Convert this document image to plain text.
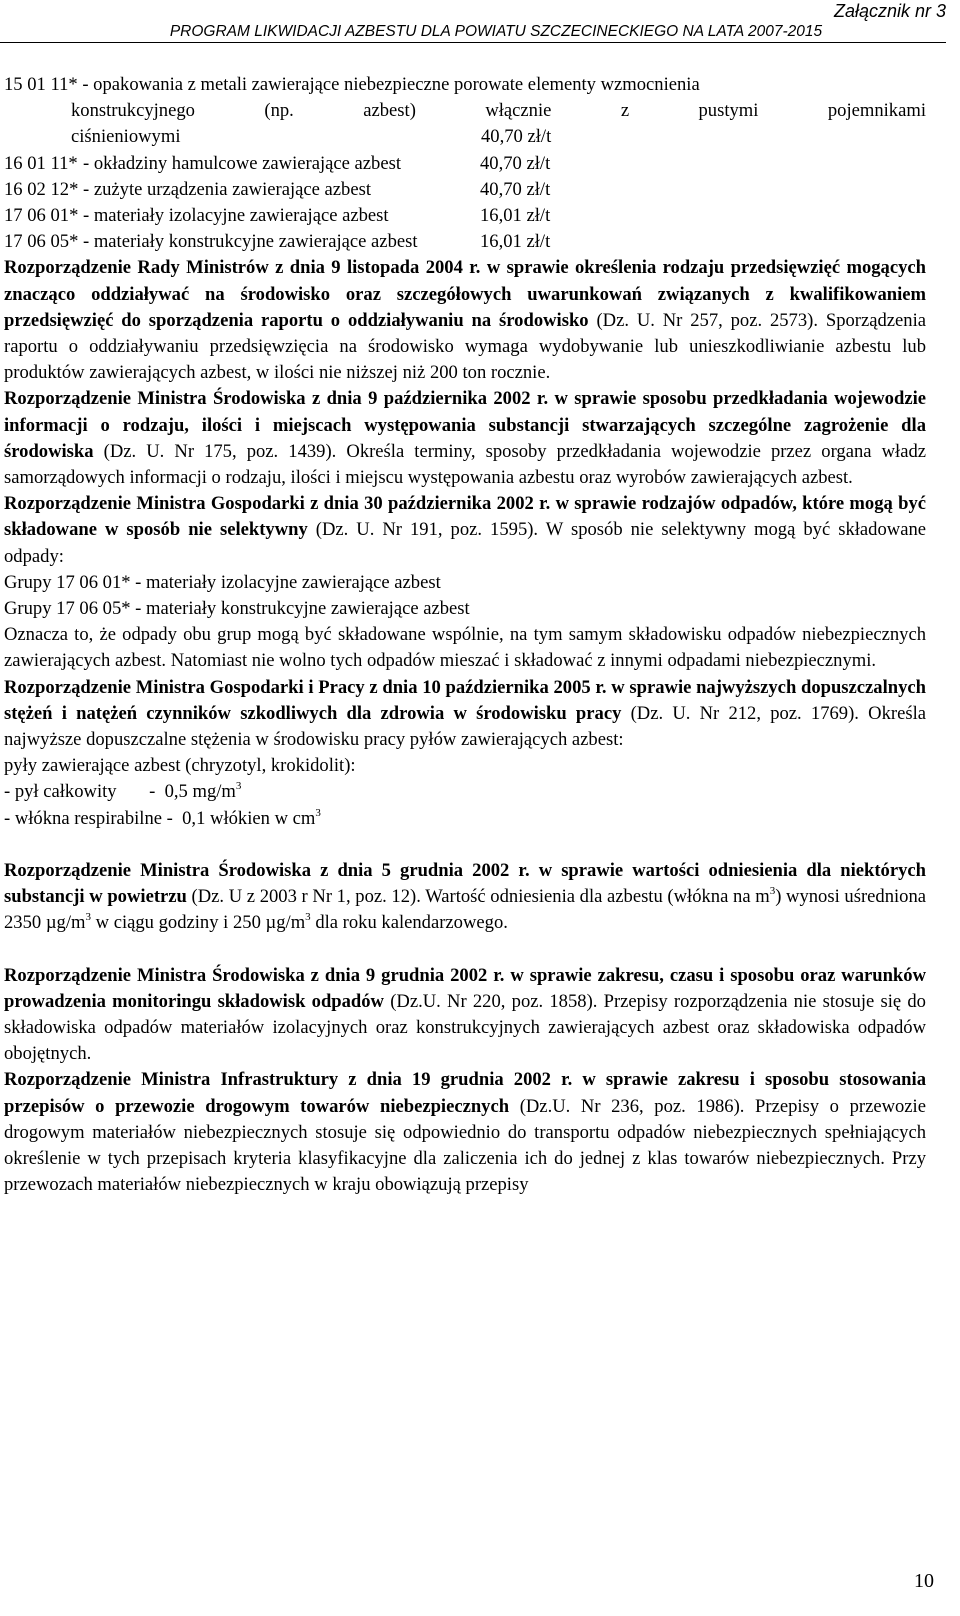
Załącznik nr 3
PROGRAM LIKWIDACJI AZBESTU DLA POWIATU SZCZECINECKIEGO NA LATA 2007-2015
15 01 11* - opakowania z metali zawierające niebezpieczne porowate elementy wzmocnienia
konstrukcyjnego (np. azbest) włącznie z pustymi pojemnikami
ciśnieniowymi	40,70 zł/t
16 01 11* - okładziny hamulcowe zawierające azbest	40,70 zł/t
16 02 12* - zużyte urządzenia zawierające azbest	40,70 zł/t
17 06 01* - materiały izolacyjne zawierające azbest	16,01 zł/t
17 06 05* - materiały konstrukcyjne zawierające azbest	16,01 zł/t

Rozporządzenie Rady Ministrów z dnia 9 listopada 2004 r. w sprawie określenia rodzaju przedsięwzięć mogących znacząco oddziaływać na środowisko oraz szczegółowych uwarunkowań związanych z kwalifikowaniem przedsięwzięć do sporządzenia raportu o oddziaływaniu na środowisko (Dz. U. Nr 257, poz. 2573). Sporządzenia raportu o oddziaływaniu przedsięwzięcia na środowisko wymaga wydobywanie lub unieszkodliwianie azbestu lub produktów zawierających azbest, w ilości nie niższej niż 200 ton rocznie.

Rozporządzenie Ministra Środowiska z dnia 9 października 2002 r. w sprawie sposobu przedkładania wojewodzie informacji o rodzaju, ilości i miejscach występowania substancji stwarzających szczególne zagrożenie dla środowiska (Dz. U. Nr 175, poz. 1439). Określa terminy, sposoby przedkładania wojewodzie przez organa władz samorządowych informacji o rodzaju, ilości i miejscu występowania azbestu oraz wyrobów zawierających azbest.

Rozporządzenie Ministra Gospodarki z dnia 30 października 2002 r. w sprawie rodzajów odpadów, które mogą być składowane w sposób nie selektywny (Dz. U. Nr 191, poz. 1595). W sposób nie selektywny mogą być składowane odpady:

Grupy 17 06 01* - materiały izolacyjne zawierające azbest
Grupy 17 06 05* - materiały konstrukcyjne zawierające azbest

Oznacza to, że odpady obu grup mogą być składowane wspólnie, na tym samym składowisku odpadów niebezpiecznych zawierających azbest. Natomiast nie wolno tych odpadów mieszać i składować z innymi odpadami niebezpiecznymi.

Rozporządzenie Ministra Gospodarki i Pracy z dnia 10 października 2005 r. w sprawie najwyższych dopuszczalnych stężeń i natężeń czynników szkodliwych dla zdrowia w środowisku pracy (Dz. U. Nr 212, poz. 1769). Określa najwyższe dopuszczalne stężenia w środowisku pracy pyłów zawierających azbest:

pyły zawierające azbest (chryzotyl, krokidolit):
- pył całkowity       -  0,5 $mg/m^3$
- włókna respirabilne -  0,1 włókien w $cm^3$

Rozporządzenie Ministra Środowiska z dnia 5 grudnia 2002 r. w sprawie wartości odniesienia dla niektórych substancji w powietrzu (Dz. U z 2003 r Nr 1, poz. 12). Wartość odniesienia dla azbestu (włókna na $m^3$) wynosi uśredniona 2350 $\mu g/m^3$ w ciągu godziny i 250 $\mu g/m^3$ dla roku kalendarzowego.

Rozporządzenie Ministra Środowiska z dnia 9 grudnia 2002 r. w sprawie zakresu, czasu i sposobu oraz warunków prowadzenia monitoringu składowisk odpadów (Dz.U. Nr 220, poz. 1858). Przepisy rozporządzenia nie stosuje się do składowiska odpadów materiałów izolacyjnych oraz konstrukcyjnych zawierających azbest oraz składowiska odpadów obojętnych.

Rozporządzenie Ministra Infrastruktury z dnia 19 grudnia 2002 r. w sprawie zakresu i sposobu stosowania przepisów o przewozie drogowym towarów niebezpiecznych (Dz.U. Nr 236, poz. 1986). Przepisy o przewozie drogowym materiałów niebezpiecznych stosuje się odpowiednio do transportu odpadów niebezpiecznych spełniających określenie w tych przepisach kryteria klasyfikacyjne dla zaliczenia ich do jednej z klas towarów niebezpiecznych. Przy przewozach materiałów niebezpiecznych w kraju obowiązują przepisy

10
